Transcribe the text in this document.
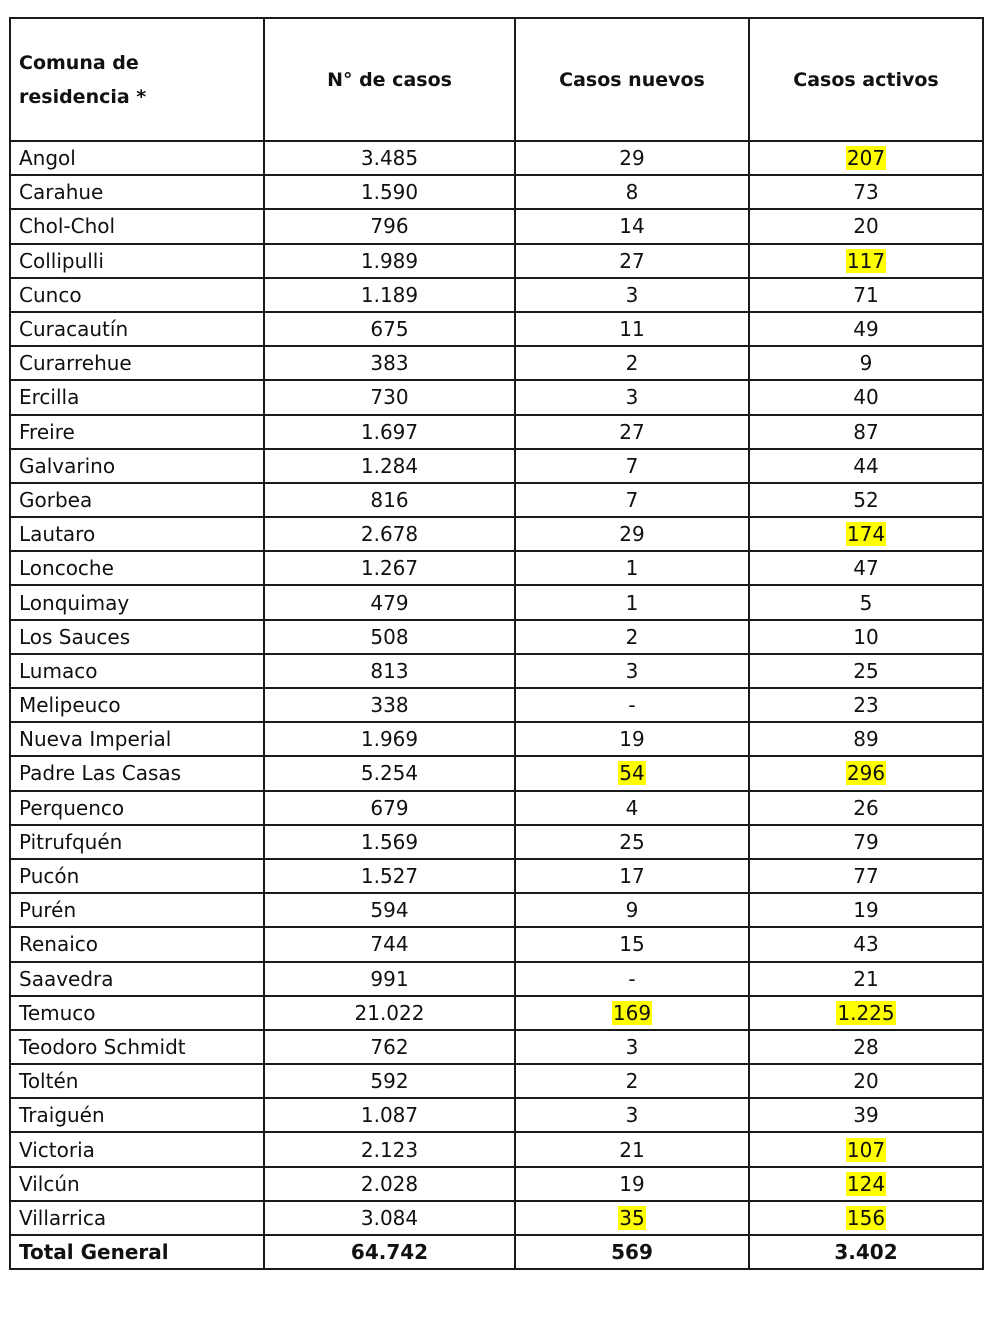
Comuna de residencia *	N° de casos	Casos nuevos	Casos activos
Angol	3.485	29	207
Carahue	1.590	8	73
Chol-Chol	796	14	20
Collipulli	1.989	27	117
Cunco	1.189	3	71
Curacautín	675	11	49
Curarrehue	383	2	9
Ercilla	730	3	40
Freire	1.697	27	87
Galvarino	1.284	7	44
Gorbea	816	7	52
Lautaro	2.678	29	174
Loncoche	1.267	1	47
Lonquimay	479	1	5
Los Sauces	508	2	10
Lumaco	813	3	25
Melipeuco	338	-	23
Nueva Imperial	1.969	19	89
Padre Las Casas	5.254	54	296
Perquenco	679	4	26
Pitrufquén	1.569	25	79
Pucón	1.527	17	77
Purén	594	9	19
Renaico	744	15	43
Saavedra	991	-	21
Temuco	21.022	169	1.225
Teodoro Schmidt	762	3	28
Toltén	592	2	20
Traiguén	1.087	3	39
Victoria	2.123	21	107
Vilcún	2.028	19	124
Villarrica	3.084	35	156
Total General	64.742	569	3.402
